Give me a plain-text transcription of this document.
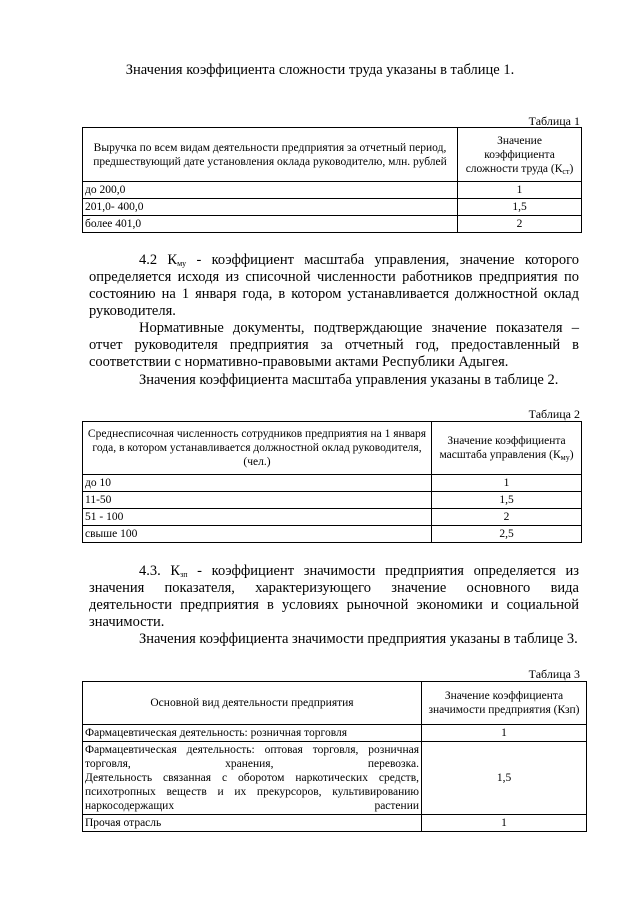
Значения коэффициента сложности труда указаны в таблице 1.
Таблица 1
Выручка по всем видам деятельности предприятия за отчетный период, предшествующий дате установления оклада руководителю, млн. рублей	Значение коэффициента сложности труда $(К_{ст})$
до 200,0	1
201,0- 400,0	1,5
более 401,0	2
4.2 $К_{му}$ - коэффициент масштаба управления, значение которого определяется исходя из списочной численности работников предприятия по состоянию на 1 января года, в котором устанавливается должностной оклад руководителя.
Нормативные документы, подтверждающие значение показателя – отчет руководителя предприятия за отчетный год, предоставленный в соответствии с нормативно-правовыми актами Республики Адыгея.
Значения коэффициента масштаба управления указаны в таблице 2.
Таблица 2
Среднесписочная численность сотрудников предприятия на 1 января года, в котором устанавливается должностной оклад руководителя, (чел.)	Значение коэффициента масштаба управления $(К_{му})$
до 10	1
11-50	1,5
51 - 100	2
свыше 100	2,5
4.3. $К_{зп}$ - коэффициент значимости предприятия определяется из значения показателя, характеризующего значение основного вида деятельности предприятия в условиях рыночной экономики и социальной значимости.
Значения коэффициента значимости предприятия указаны в таблице 3.
Таблица 3
Основной вид деятельности предприятия	Значение коэффициента значимости предприятия (Кзп)
Фармацевтическая деятельность: розничная торговля	1

Фармацевтическая деятельность: оптовая торговля, розничная торговля, хранения, перевозка.
Деятельность связанная с оборотом наркотических средств, психотропных веществ и их прекурсоров, культивированию наркосодержащих растении	1,5
Прочая отрасль	1
